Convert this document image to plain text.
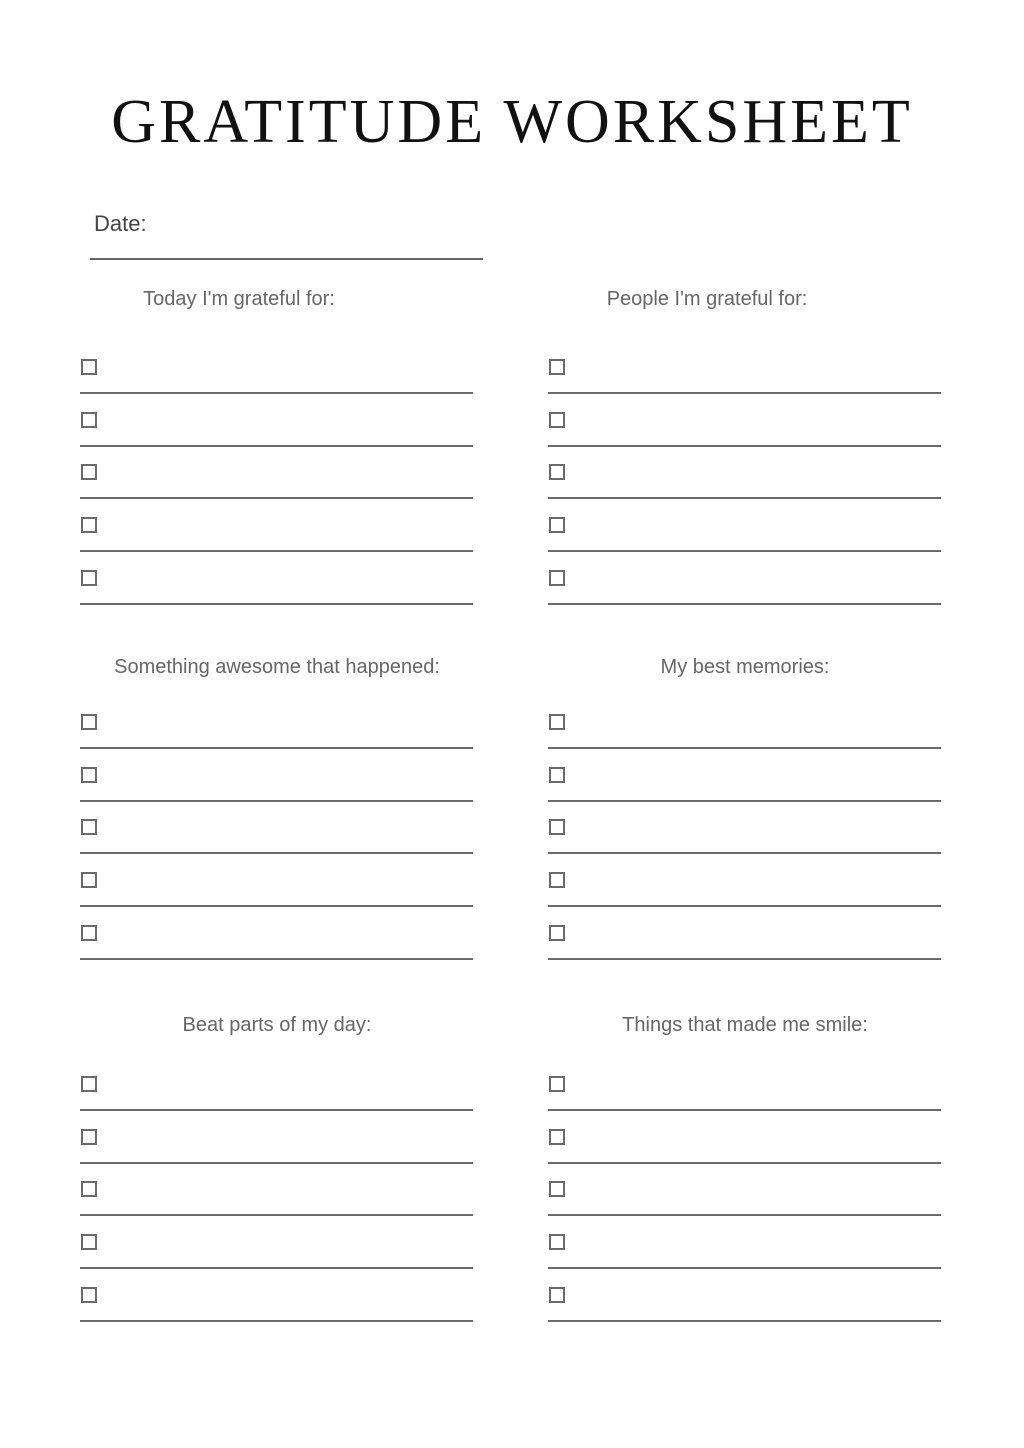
GRATITUDE WORKSHEET
Date:
Today I'm grateful for:	People I'm grateful for:
Something awesome that happened:	My best memories:
Beat parts of my day:	Things that made me smile:
